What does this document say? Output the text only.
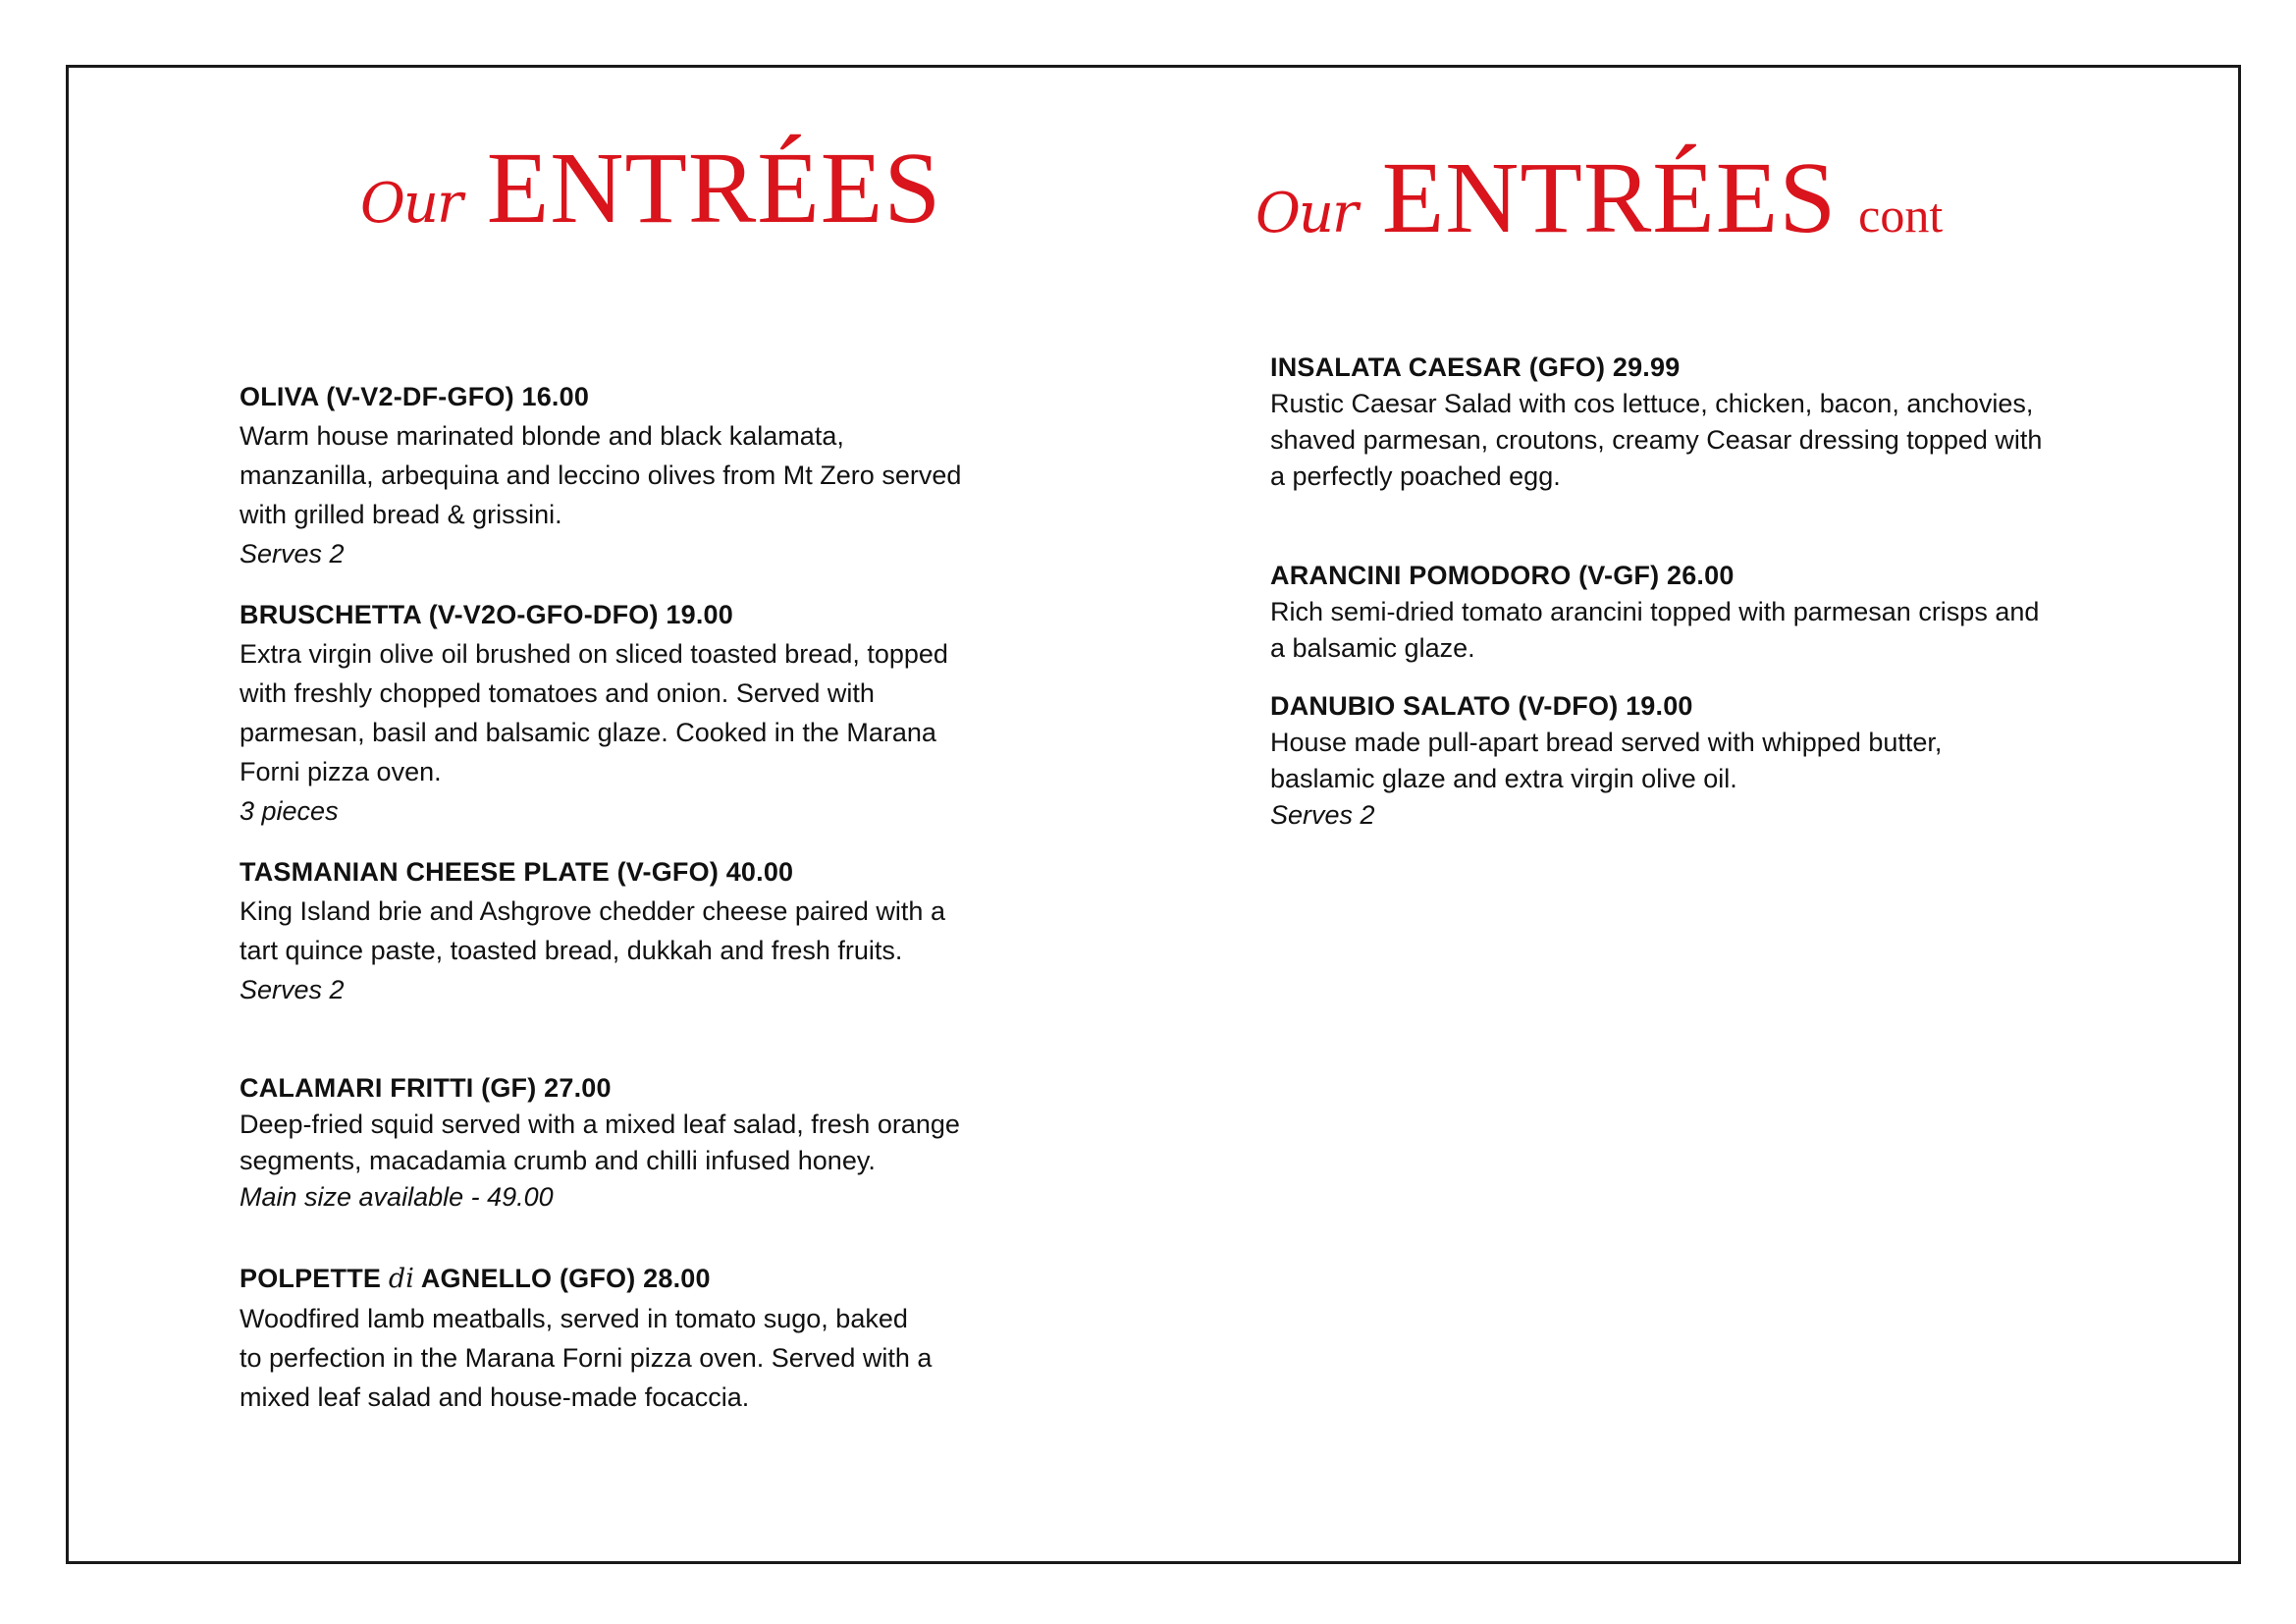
Our ENTRÉES	Our ENTRÉES cont
OLIVA (V-V2-DF-GFO) 16.00
Warm house marinated blonde and black kalamata,
manzanilla, arbequina and leccino olives from Mt Zero served
with grilled bread & grissini.
Serves 2
BRUSCHETTA (V-V2O-GFO-DFO) 19.00
Extra virgin olive oil brushed on sliced toasted bread, topped
with freshly chopped tomatoes and onion. Served with
parmesan, basil and balsamic glaze. Cooked in the Marana
Forni pizza oven.
3 pieces
TASMANIAN CHEESE PLATE (V-GFO) 40.00
King Island brie and Ashgrove chedder cheese paired with a
tart quince paste, toasted bread, dukkah and fresh fruits.
Serves 2
CALAMARI FRITTI (GF) 27.00
Deep-fried squid served with a mixed leaf salad, fresh orange
segments, macadamia crumb and chilli infused honey.
Main size available - 49.00
POLPETTE di AGNELLO (GFO) 28.00
Woodfired lamb meatballs, served in tomato sugo, baked
to perfection in the Marana Forni pizza oven. Served with a
mixed leaf salad and house-made focaccia.
INSALATA CAESAR (GFO) 29.99
Rustic Caesar Salad with cos lettuce, chicken, bacon, anchovies,
shaved parmesan, croutons, creamy Ceasar dressing topped with
a perfectly poached egg.
ARANCINI POMODORO (V-GF) 26.00
Rich semi-dried tomato arancini topped with parmesan crisps and
a balsamic glaze.
DANUBIO SALATO (V-DFO) 19.00
House made pull-apart bread served with whipped butter,
baslamic glaze and extra virgin olive oil.
Serves 2
